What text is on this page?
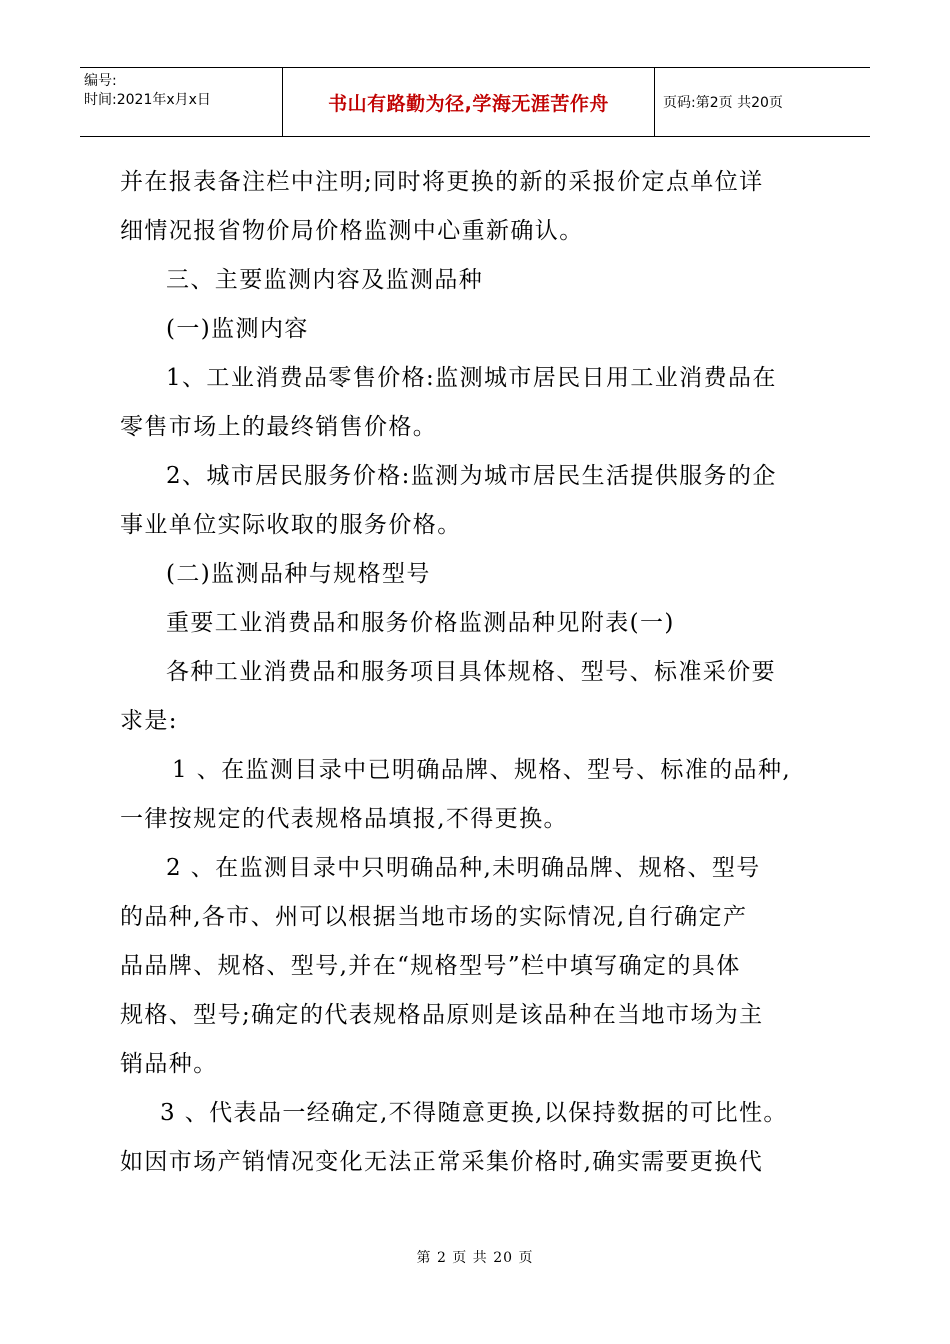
编号:
时间:2021年x月x日	书山有路勤为径,学海无涯苦作舟	页码:第2页 共20页

并在报表备注栏中注明;同时将更换的新的采报价定点单位详

细情况报省物价局价格监测中心重新确认。

三、主要监测内容及监测品种

(一)监测内容

1、工业消费品零售价格:监测城市居民日用工业消费品在

零售市场上的最终销售价格。

2、城市居民服务价格:监测为城市居民生活提供服务的企

事业单位实际收取的服务价格。

(二)监测品种与规格型号

重要工业消费品和服务价格监测品种见附表(一)

各种工业消费品和服务项目具体规格、型号、标准采价要

求是:

1 、在监测目录中已明确品牌、规格、型号、标准的品种,

一律按规定的代表规格品填报,不得更换。

2 、在监测目录中只明确品种,未明确品牌、规格、型号

的品种,各市、州可以根据当地市场的实际情况,自行确定产

品品牌、规格、型号,并在“规格型号”栏中填写确定的具体

规格、型号;确定的代表规格品原则是该品种在当地市场为主

销品种。

3 、代表品一经确定,不得随意更换,以保持数据的可比性。

如因市场产销情况变化无法正常采集价格时,确实需要更换代

第 2 页 共 20 页
